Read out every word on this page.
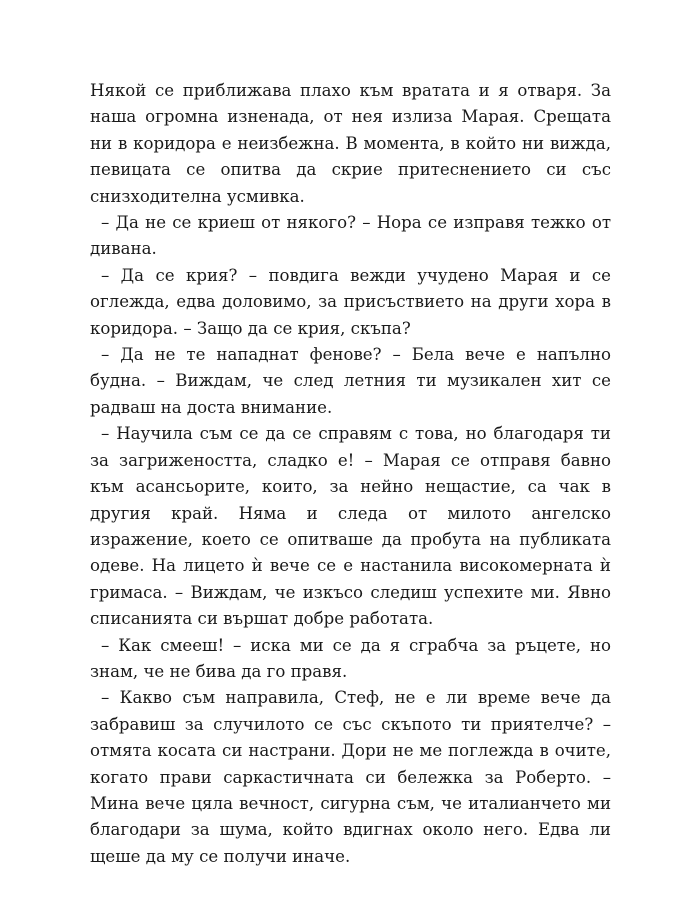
Някой се приближава плахо към вратата и я отваря. За наша огромна изненада, от нея излиза Марая. Срещата ни в коридора е неизбежна. В момента, в който ни вижда, певицата се опитва да скрие притеснението си със снизходителна усмивка.

– Да не се криеш от някого? – Нора се изправя тежко от дивана.

– Да се крия? – повдига вежди учудено Марая и се оглежда, едва доловимо, за присъствието на други хора в коридора. – Защо да се крия, скъпа?

– Да не те нападнат фенове? – Бела вече е напълно будна. – Виждам, че след летния ти музикален хит се радваш на доста внимание.

– Научила съм се да се справям с това, но благодаря ти за загрижеността, сладко е! – Марая се отправя бавно към асансьорите, които, за нейно нещастие, са чак в другия край. Няма и следа от милото ангелско изражение, което се опитваше да пробута на публиката одеве. На лицето ѝ вече се е настанила високомерната ѝ гримаса. – Виждам, че изкъсо следиш успехите ми. Явно списанията си вършат добре работата.

– Как смееш! – иска ми се да я сграбча за ръцете, но знам, че не бива да го правя.

– Какво съм направила, Стеф, не е ли време вече да забравиш за случилото се със скъпото ти приятелче? – отмята косата си настрани. Дори не ме поглежда в очите, когато прави саркастичната си бележка за Роберто. – Мина вече цяла вечност, сигурна съм, че италианчето ми благодари за шума, който вдигнах около него. Едва ли щеше да му се получи иначе.
